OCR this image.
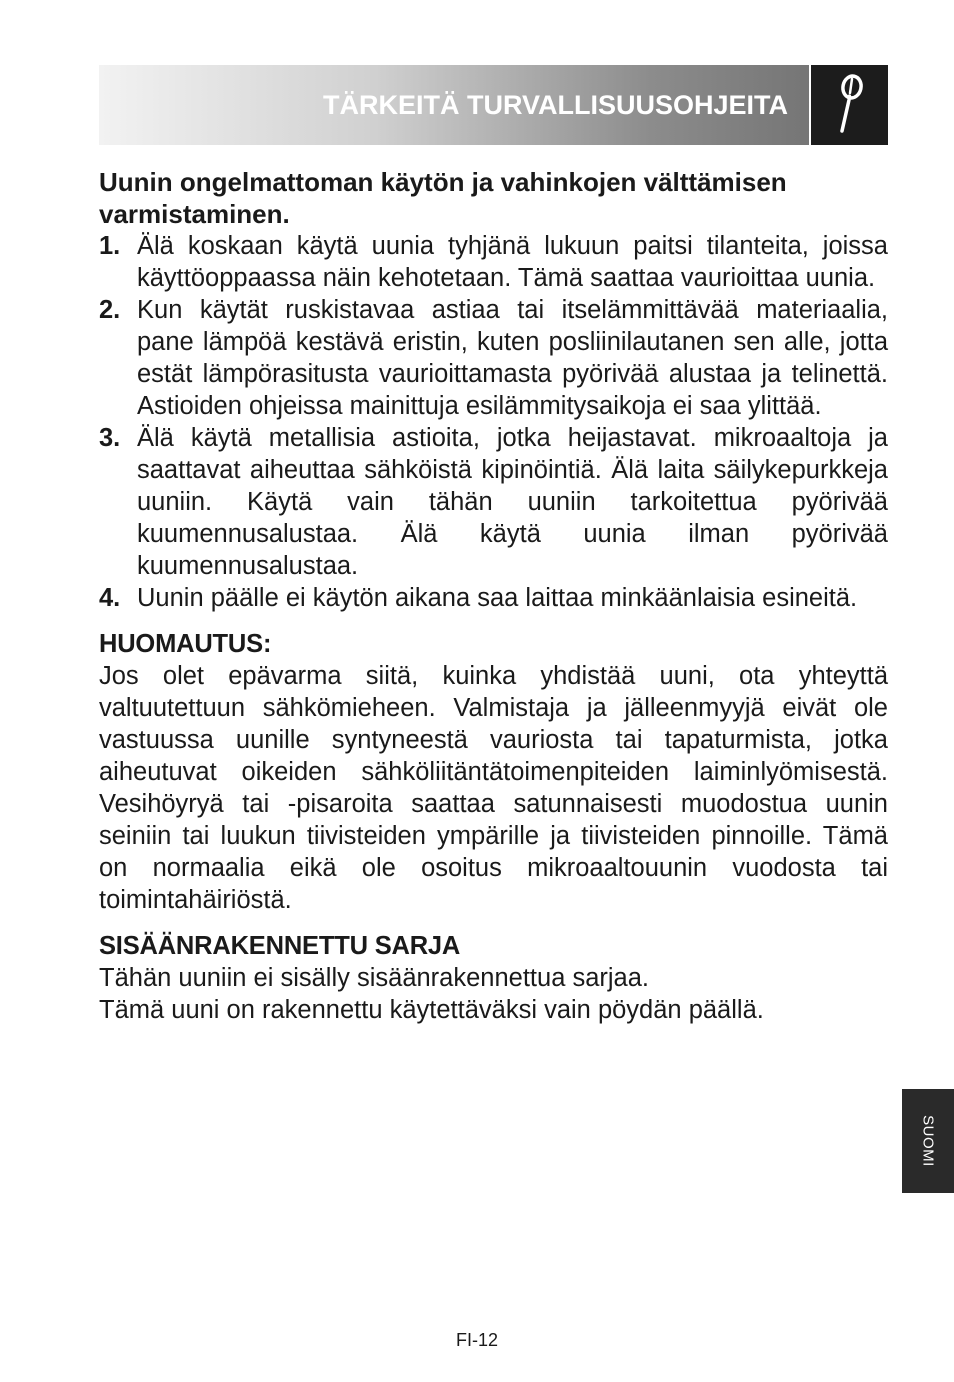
TÄRKEITÄ TURVALLISUUSOHJEITA
Uunin ongelmattoman käytön ja vahinkojen välttämisen varmistaminen.
1. Älä koskaan käytä uunia tyhjänä lukuun paitsi tilanteita, joissa käyttöoppaassa näin kehotetaan. Tämä saattaa vaurioittaa uunia.
2. Kun käytät ruskistavaa astiaa tai itselämmittävää materiaalia, pane lämpöä kestävä eristin, kuten posliinilautanen sen alle, jotta estät lämpörasitusta vaurioittamasta pyörivää alustaa ja telinettä. Astioiden ohjeissa mainittuja esilämmitysaikoja ei saa ylittää.
3. Älä käytä metallisia astioita, jotka heijastavat. mikroaaltoja ja saattavat aiheuttaa sähköistä kipinöintiä. Älä laita säilykepurkkeja uuniin. Käytä vain tähän uuniin tarkoitettua pyörivää kuumennusalustaa. Älä käytä uunia ilman pyörivää kuumennusalustaa.
4. Uunin päälle ei käytön aikana saa laittaa minkäänlaisia esineitä.
HUOMAUTUS:

Jos olet epävarma siitä, kuinka yhdistää uuni, ota yhteyttä valtuutettuun sähkömieheen. Valmistaja ja jälleenmyyjä eivät ole vastuussa uunille syntyneestä vauriosta tai tapaturmista, jotka aiheutuvat oikeiden sähköliitäntätoimenpiteiden laiminlyömisestä. Vesihöyryä tai -pisaroita saattaa satunnaisesti muodostua uunin seiniin tai luukun tiivisteiden ympärille ja tiivisteiden pinnoille. Tämä on normaalia eikä ole osoitus mikroaaltouunin vuodosta tai toimintahäiriöstä.

SISÄÄNRAKENNETTU SARJA

Tähän uuniin ei sisälly sisäänrakennettua sarjaa.

Tämä uuni on rakennettu käytettäväksi vain pöydän päällä.

SUOMI
FI-12
